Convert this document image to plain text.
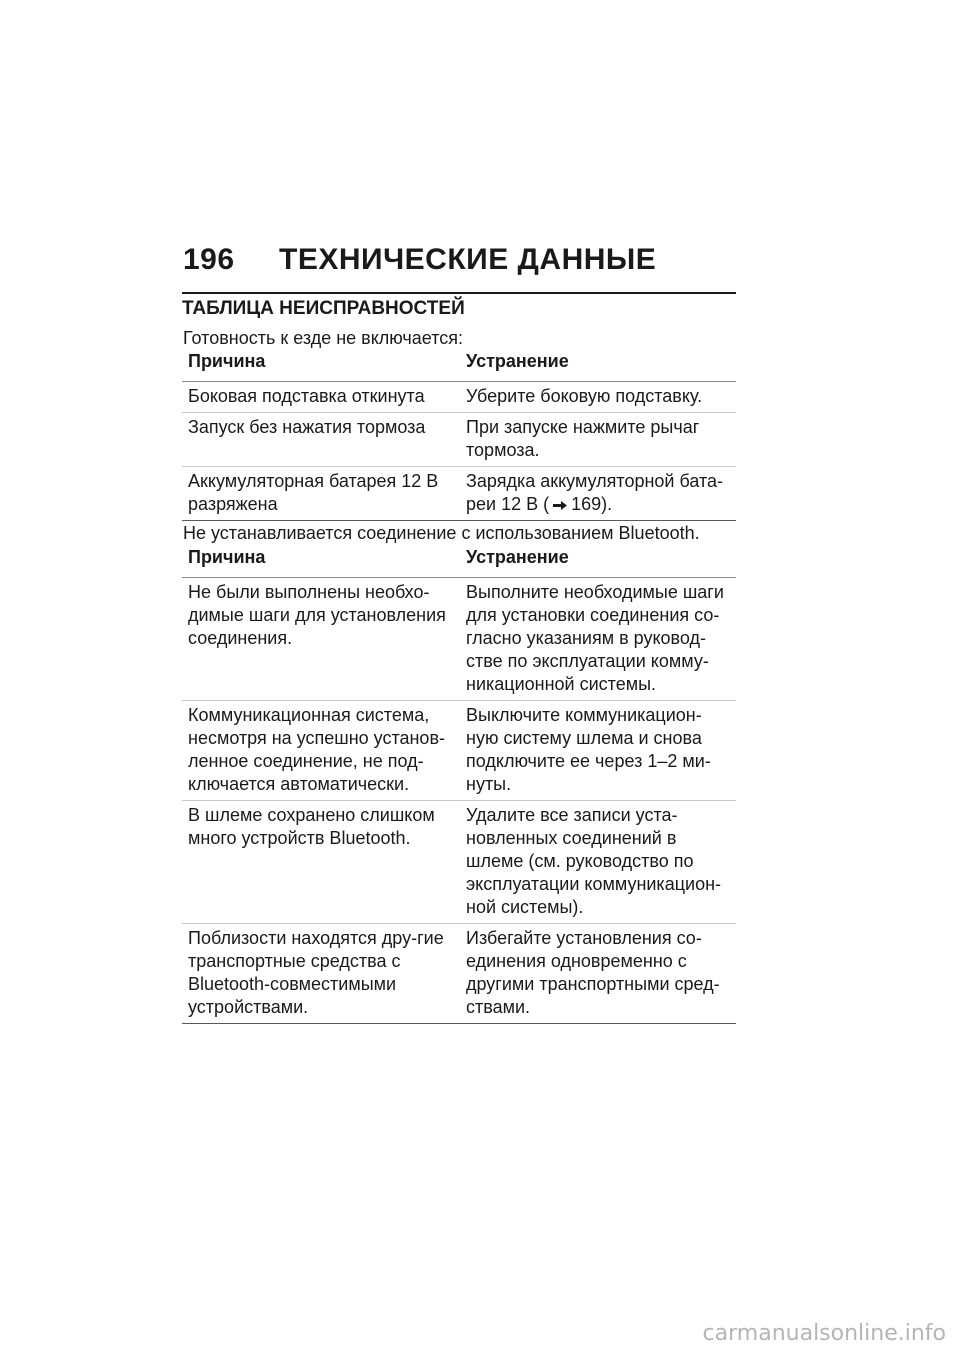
196	ТЕХНИЧЕСКИЕ ДАННЫЕ
ТАБЛИЦА НЕИСПРАВНОСТЕЙ
Готовность к езде не включается:
Причина	Устранение
Боковая подставка откинута	Уберите боковую подставку.
Запуск без нажатия тормоза	При запуске нажмите рычаг тормоза.
Аккумуляторная батарея 12 В разряжена	Зарядка аккумуляторной бата-реи 12 В ( 169).
Не устанавливается соединение с использованием Bluetooth.
Причина	Устранение
Не были выполнены необхо-димые шаги для установления соединения.	Выполните необходимые шаги для установки соединения со-гласно указаниям в руковод-стве по эксплуатации комму-никационной системы.
Коммуникационная система, несмотря на успешно установ-ленное соединение, не под-ключается автоматически.	Выключите коммуникацион-ную систему шлема и снова подключите ее через 1–2 ми-нуты.
В шлеме сохранено слишком много устройств Bluetooth.	Удалите все записи уста-новленных соединений в шлеме (см. руководство по эксплуатации коммуникацион-ной системы).
Поблизости находятся дру-гие транспортные средства с Bluetooth-совместимыми устройствами.	Избегайте установления со-единения одновременно с другими транспортными сред-ствами.
carmanualsonline.info
